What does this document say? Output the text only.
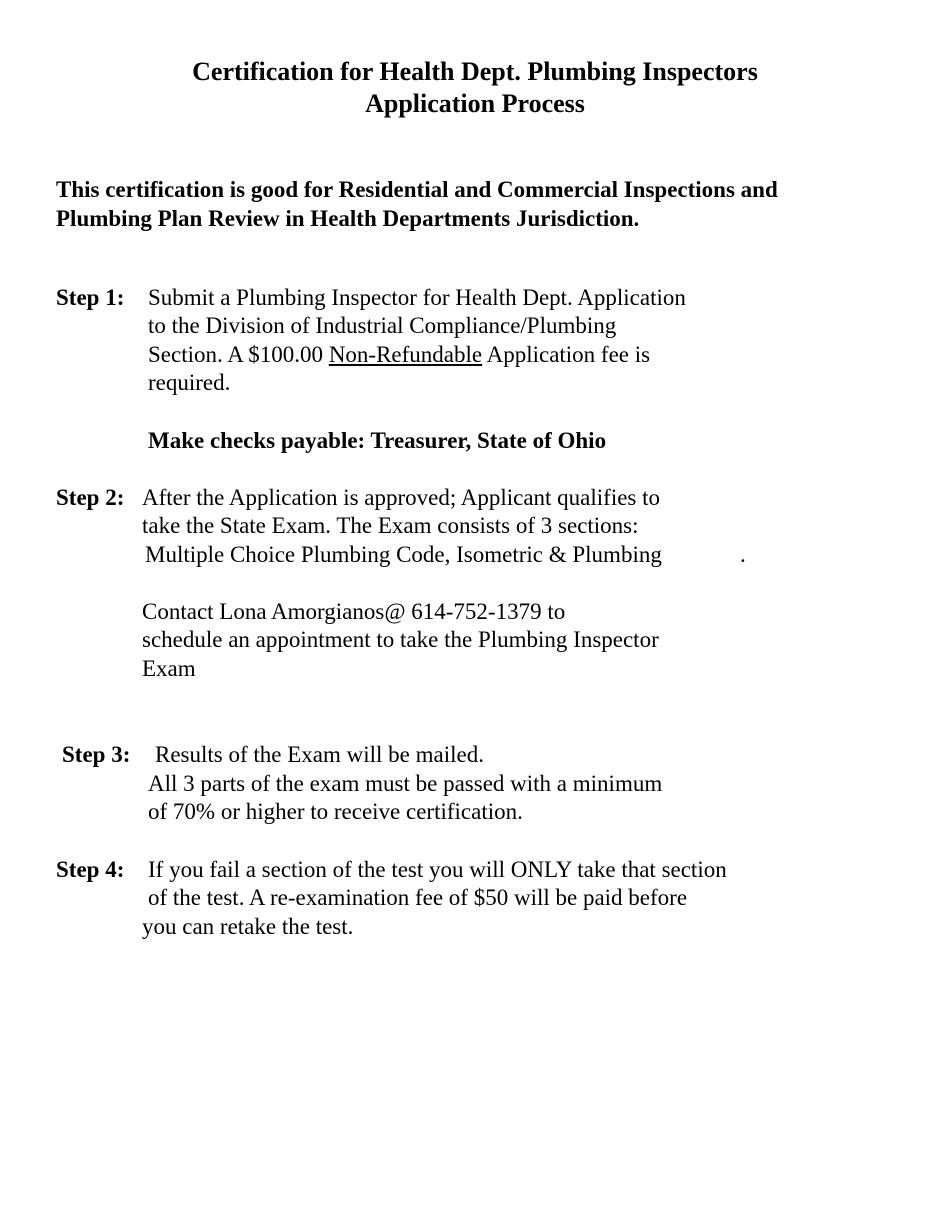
Certification for Health Dept. Plumbing Inspectors
Application Process
This certification is good for Residential and Commercial Inspections and
Plumbing Plan Review in Health Departments Jurisdiction.
Step 1: Submit a Plumbing Inspector for Health Dept. Application
to the Division of Industrial Compliance/Plumbing
Section. A $100.00 Non-Refundable Application fee is
required.
Make checks payable: Treasurer, State of Ohio
Step 2: After the Application is approved; Applicant qualifies to
take the State Exam. The Exam consists of 3 sections:
Multiple Choice Plumbing Code, Isometric & Plumbing	.
Contact Lona Amorgianos@ 614-752-1379 to
schedule an appointment to take the Plumbing Inspector
Exam
Step 3: Results of the Exam will be mailed.
All 3 parts of the exam must be passed with a minimum
of 70% or higher to receive certification.
Step 4: If you fail a section of the test you will ONLY take that section
of the test. A re-examination fee of $50 will be paid before
you can retake the test.
